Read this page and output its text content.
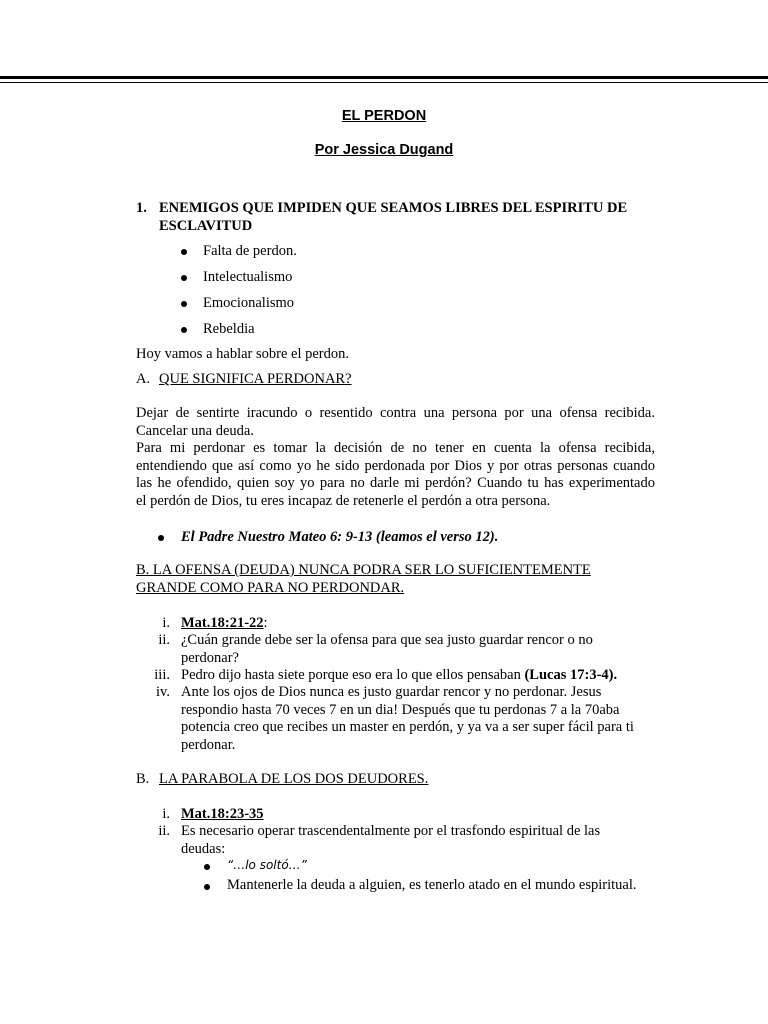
EL PERDON
Por Jessica Dugand
1. ENEMIGOS QUE IMPIDEN QUE SEAMOS LIBRES DEL ESPIRITU DE
ESCLAVITUD
Falta de perdon.
Intelectualismo
Emocionalismo
Rebeldia
Hoy vamos a hablar sobre el perdon.
A. QUE SIGNIFICA PERDONAR?
Dejar de sentirte iracundo o resentido contra una persona por una ofensa recibida.
Cancelar una deuda.
Para mi perdonar es tomar la decisión de no tener en cuenta la ofensa recibida,
entendiendo que así como yo he sido perdonada por Dios y por otras personas cuando
las he ofendido, quien soy yo para no darle mi perdón? Cuando tu has experimentado
el perdón de Dios, tu eres incapaz de retenerle el perdón a otra persona.
El Padre Nuestro Mateo 6: 9-13 (leamos el verso 12).
B. LA OFENSA (DEUDA) NUNCA PODRA SER LO SUFICIENTEMENTE
GRANDE COMO PARA NO PERDONDAR.
i. Mat.18:21-22:
ii. ¿Cuán grande debe ser la ofensa para que sea justo guardar rencor o no
perdonar?
iii. Pedro dijo hasta siete porque eso era lo que ellos pensaban (Lucas 17:3-4).
iv. Ante los ojos de Dios nunca es justo guardar rencor y no perdonar. Jesus
respondio hasta 70 veces 7 en un dia! Después que tu perdonas 7 a la 70aba
potencia creo que recibes un master en perdón, y ya va a ser super fácil para ti
perdonar.
B. LA PARABOLA DE LOS DOS DEUDORES.
i. Mat.18:23-35
ii. Es necesario operar trascendentalmente por el trasfondo espiritual de las
deudas:
“…lo soltó…”
Mantenerle la deuda a alguien, es tenerlo atado en el mundo espiritual.
